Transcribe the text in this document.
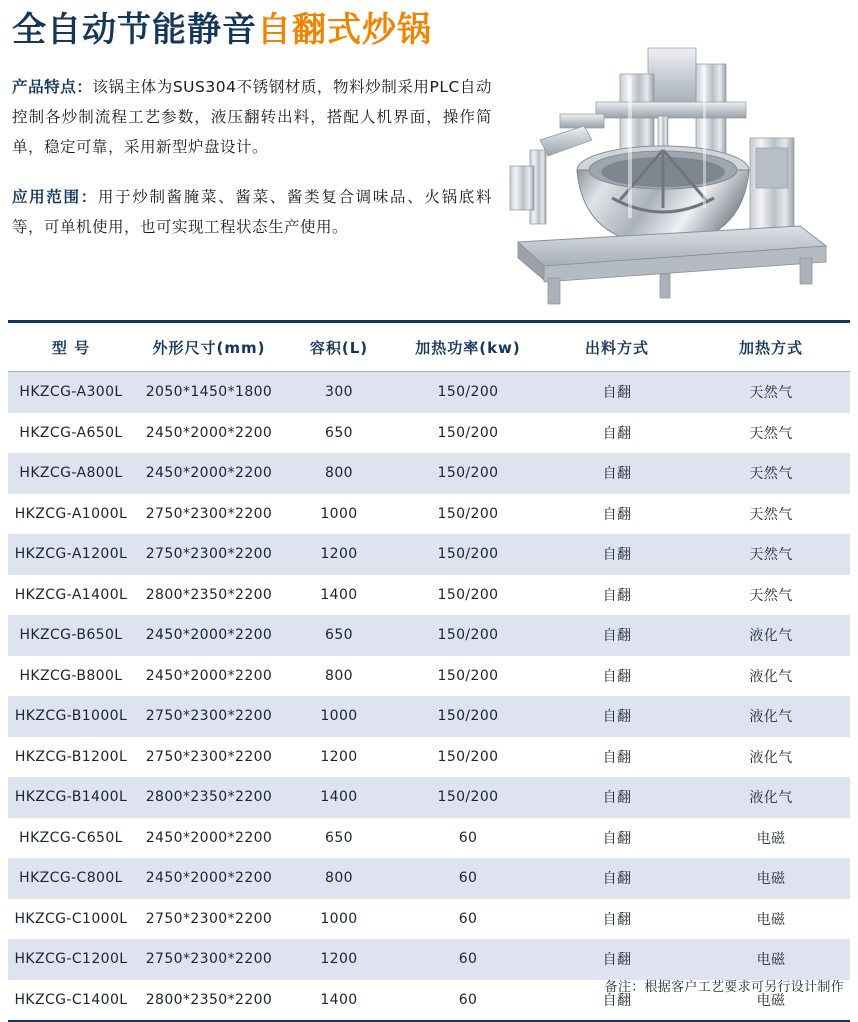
全自动节能静音自翻式炒锅

产品特点：该锅主体为SUS304不锈钢材质，物料炒制采用PLC自动控制各炒制流程工艺参数，液压翻转出料，搭配人机界面，操作简单，稳定可靠，采用新型炉盘设计。

应用范围：用于炒制酱腌菜、酱菜、酱类复合调味品、火锅底料等，可单机使用，也可实现工程状态生产使用。

型 号	外形尺寸(mm)	容积(L)	加热功率(kw)	出料方式	加热方式
HKZCG-A300L	2050*1450*1800	300	150/200	自翻	天然气
HKZCG-A650L	2450*2000*2200	650	150/200	自翻	天然气
HKZCG-A800L	2450*2000*2200	800	150/200	自翻	天然气
HKZCG-A1000L	2750*2300*2200	1000	150/200	自翻	天然气
HKZCG-A1200L	2750*2300*2200	1200	150/200	自翻	天然气
HKZCG-A1400L	2800*2350*2200	1400	150/200	自翻	天然气
HKZCG-B650L	2450*2000*2200	650	150/200	自翻	液化气
HKZCG-B800L	2450*2000*2200	800	150/200	自翻	液化气
HKZCG-B1000L	2750*2300*2200	1000	150/200	自翻	液化气
HKZCG-B1200L	2750*2300*2200	1200	150/200	自翻	液化气
HKZCG-B1400L	2800*2350*2200	1400	150/200	自翻	液化气
HKZCG-C650L	2450*2000*2200	650	60	自翻	电磁
HKZCG-C800L	2450*2000*2200	800	60	自翻	电磁
HKZCG-C1000L	2750*2300*2200	1000	60	自翻	电磁
HKZCG-C1200L	2750*2300*2200	1200	60	自翻	电磁
HKZCG-C1400L	2800*2350*2200	1400	60	自翻	电磁
备注：根据客户工艺要求可另行设计制作
